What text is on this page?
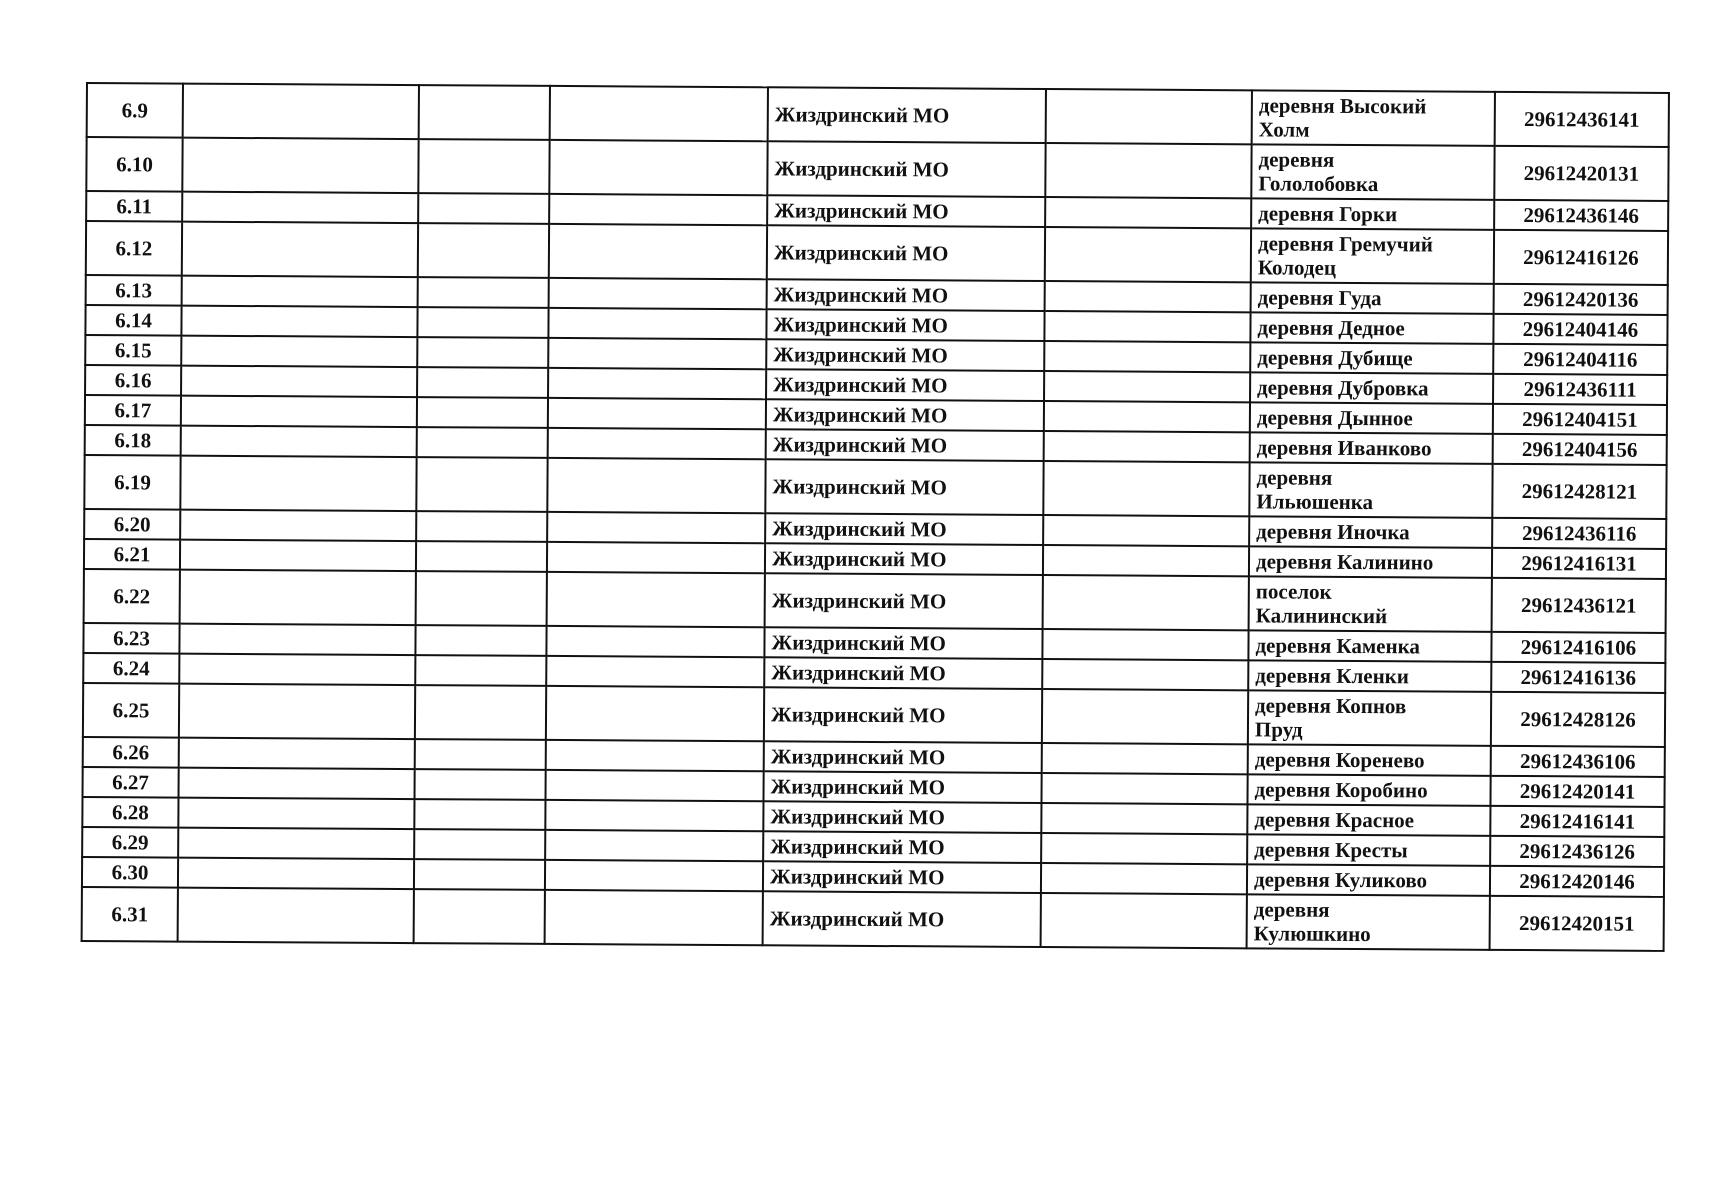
6.9				Жиздринский МО		деревня Высокий
Холм	29612436141
6.10				Жиздринский МО		деревня
Гололобовка	29612420131
6.11				Жиздринский МО		деревня Горки	29612436146
6.12				Жиздринский МО		деревня Гремучий
Колодец	29612416126
6.13				Жиздринский МО		деревня Гуда	29612420136
6.14				Жиздринский МО		деревня Дедное	29612404146
6.15				Жиздринский МО		деревня Дубище	29612404116
6.16				Жиздринский МО		деревня Дубровка	29612436111
6.17				Жиздринский МО		деревня Дынное	29612404151
6.18				Жиздринский МО		деревня Иванково	29612404156
6.19				Жиздринский МО		деревня
Ильюшенка	29612428121
6.20				Жиздринский МО		деревня Иночка	29612436116
6.21				Жиздринский МО		деревня Калинино	29612416131
6.22				Жиздринский МО		поселок
Калининский	29612436121
6.23				Жиздринский МО		деревня Каменка	29612416106
6.24				Жиздринский МО		деревня Кленки	29612416136
6.25				Жиздринский МО		деревня Копнов
Пруд	29612428126
6.26				Жиздринский МО		деревня Коренево	29612436106
6.27				Жиздринский МО		деревня Коробино	29612420141
6.28				Жиздринский МО		деревня Красное	29612416141
6.29				Жиздринский МО		деревня Кресты	29612436126
6.30				Жиздринский МО		деревня Куликово	29612420146
6.31				Жиздринский МО		деревня
Кулюшкино	29612420151
